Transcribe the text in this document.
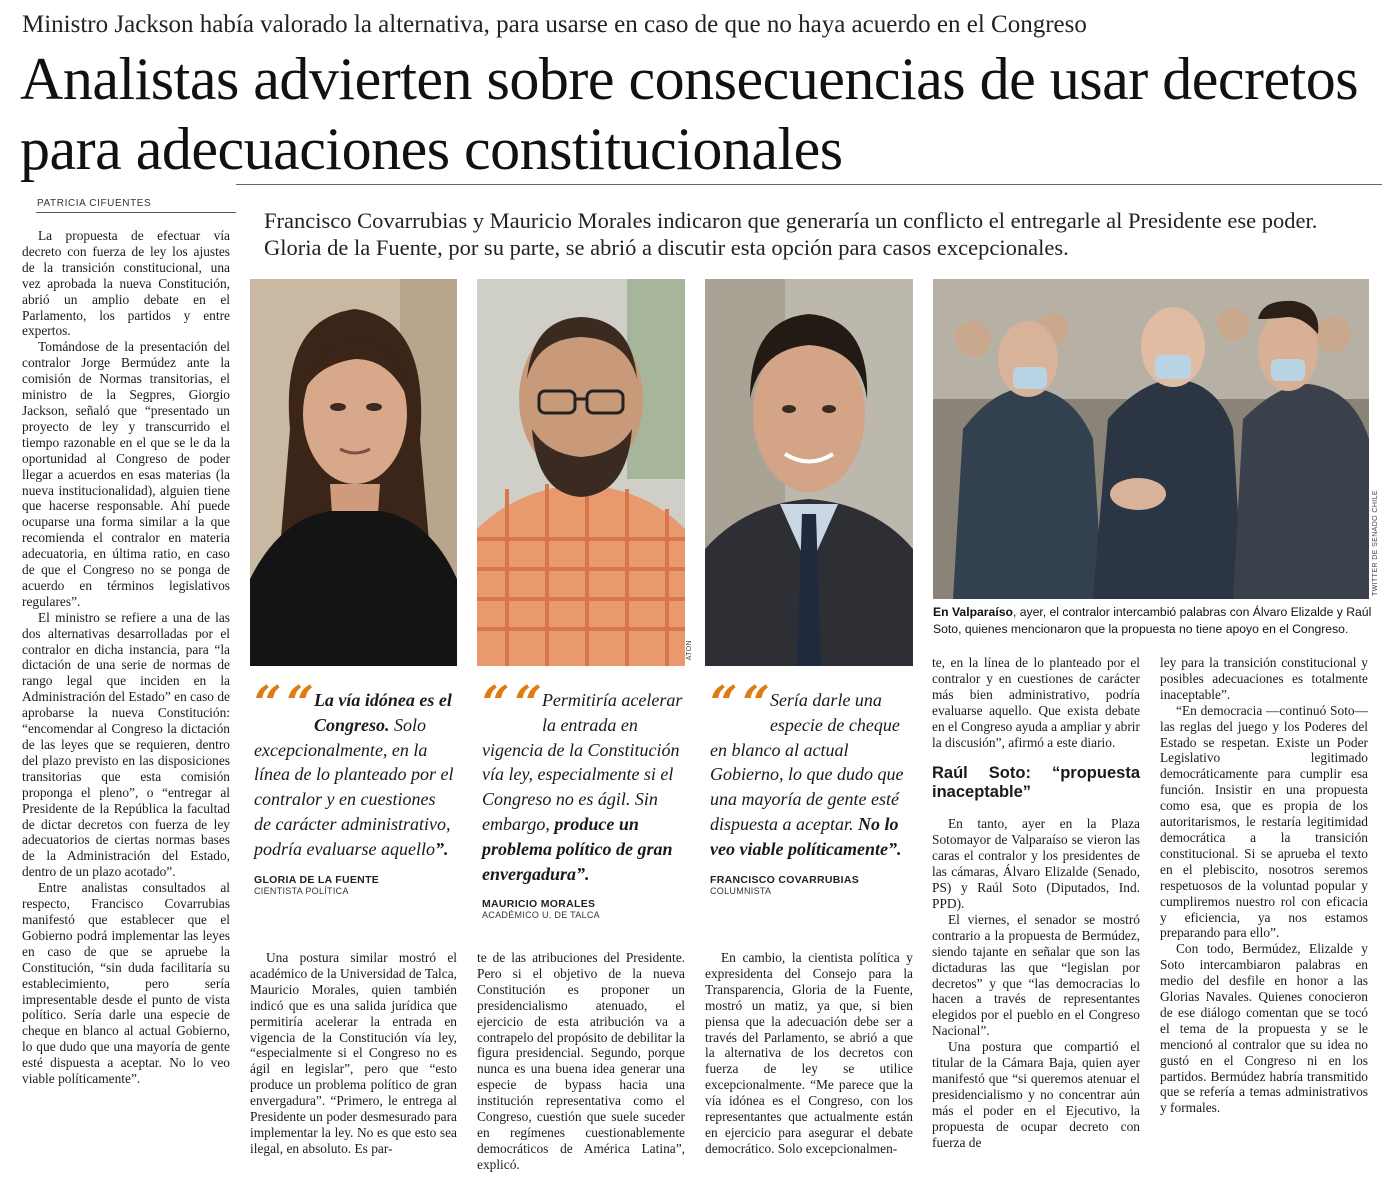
Ministro Jackson había valorado la alternativa, para usarse en caso de que no haya acuerdo en el Congreso
Analistas advierten sobre consecuencias de usar decretos para adecuaciones constitucionales
PATRICIA CIFUENTES
Francisco Covarrubias y Mauricio Morales indicaron que generaría un conflicto el entregarle al Presidente ese poder. Gloria de la Fuente, por su parte, se abrió a discutir esta opción para casos excepcionales.

La propuesta de efectuar vía decreto con fuerza de ley los ajustes de la transición constitucional, una vez aprobada la nueva Constitución, abrió un amplio debate en el Parlamento, los partidos y entre expertos.

Tomándose de la presentación del contralor Jorge Bermúdez ante la comisión de Normas transitorias, el ministro de la Segpres, Giorgio Jackson, señaló que “presentado un proyecto de ley y transcurrido el tiempo razonable en el que se le da la oportunidad al Congreso de poder llegar a acuerdos en esas materias (la nueva institucionalidad), alguien tiene que hacerse responsable. Ahí puede ocuparse una forma similar a la que recomienda el contralor en materia adecuatoria, en última ratio, en caso de que el Congreso no se ponga de acuerdo en términos legislativos regulares”.

El ministro se refiere a una de las dos alternativas desarrolladas por el contralor en dicha instancia, para “la dictación de una serie de normas de rango legal que inciden en la Administración del Estado” en caso de aprobarse la nueva Constitución: “encomendar al Congreso la dictación de las leyes que se requieren, dentro del plazo previsto en las disposiciones transitorias que esta comisión proponga el pleno”, o “entregar al Presidente de la República la facultad de dictar decretos con fuerza de ley adecuatorios de ciertas normas bases de la Administración del Estado, dentro de un plazo acotado”.

Entre analistas consultados al respecto, Francisco Covarrubias manifestó que establecer que el Gobierno podrá implementar las leyes en caso de que se apruebe la Constitución, “sin duda facilitaría su establecimiento, pero sería impresentable desde el punto de vista político. Sería darle una especie de cheque en blanco al actual Gobierno, lo que dudo que una mayoría de gente esté dispuesta a aceptar. No lo veo viable políticamente”.

ATON
TWITTER DE SENADO CHILE
En Valparaíso, ayer, el contralor intercambió palabras con Álvaro Elizalde y Raúl Soto, quienes mencionaron que la propuesta no tiene apoyo en el Congreso.
“ “ La vía idónea es el Congreso. Solo excepcionalmente, en la línea de lo planteado por el contralor y en cuestiones de carácter administrativo, podría evaluarse aquello”.
GLORIA DE LA FUENTE
CIENTISTA POLÍTICA
“ “ Permitiría acelerar la entrada en vigencia de la Constitución vía ley, especialmente si el Congreso no es ágil. Sin embargo, produce un problema político de gran envergadura”.
MAURICIO MORALES
ACADÉMICO U. DE TALCA
“ “ Sería darle una especie de cheque en blanco al actual Gobierno, lo que dudo que una mayoría de gente esté dispuesta a aceptar. No lo veo viable políticamente”.
FRANCISCO COVARRUBIAS
COLUMNISTA

Una postura similar mostró el académico de la Universidad de Talca, Mauricio Morales, quien también indicó que es una salida jurídica que permitiría acelerar la entrada en vigencia de la Constitución vía ley, “especialmente si el Congreso no es ágil en legislar”, pero que “esto produce un problema político de gran envergadura”. “Primero, le entrega al Presidente un poder desmesurado para implementar la ley. No es que esto sea ilegal, en absoluto. Es par-

te de las atribuciones del Presidente. Pero si el objetivo de la nueva Constitución es proponer un presidencialismo atenuado, el ejercicio de esta atribución va a contrapelo del propósito de debilitar la figura presidencial. Segundo, porque nunca es una buena idea generar una especie de bypass hacia una institución representativa como el Congreso, cuestión que suele suceder en regímenes cuestionablemente democráticos de América Latina”, explicó.

En cambio, la cientista política y expresidenta del Consejo para la Transparencia, Gloria de la Fuente, mostró un matiz, ya que, si bien piensa que la adecuación debe ser a través del Parlamento, se abrió a que la alternativa de los decretos con fuerza de ley se utilice excepcionalmente. “Me parece que la vía idónea es el Congreso, con los representantes que actualmente están en ejercicio para asegurar el debate democrático. Solo excepcionalmen-

te, en la línea de lo planteado por el contralor y en cuestiones de carácter más bien administrativo, podría evaluarse aquello. Que exista debate en el Congreso ayuda a ampliar y abrir la discusión”, afirmó a este diario.

Raúl Soto: “propuesta inaceptable”

En tanto, ayer en la Plaza Sotomayor de Valparaíso se vieron las caras el contralor y los presidentes de las cámaras, Álvaro Elizalde (Senado, PS) y Raúl Soto (Diputados, Ind. PPD).

El viernes, el senador se mostró contrario a la propuesta de Bermúdez, siendo tajante en señalar que son las dictaduras las que “legislan por decretos” y que “las democracias lo hacen a través de representantes elegidos por el pueblo en el Congreso Nacional”.

Una postura que compartió el titular de la Cámara Baja, quien ayer manifestó que “si queremos atenuar el presidencialismo y no concentrar aún más el poder en el Ejecutivo, la propuesta de ocupar decreto con fuerza de

ley para la transición constitucional y posibles adecuaciones es totalmente inaceptable”.

“En democracia —continuó Soto— las reglas del juego y los Poderes del Estado se respetan. Existe un Poder Legislativo legitimado democráticamente para cumplir esa función. Insistir en una propuesta como esa, que es propia de los autoritarismos, le restaría legitimidad democrática a la transición constitucional. Si se aprueba el texto en el plebiscito, nosotros seremos respetuosos de la voluntad popular y cumpliremos nuestro rol con eficacia y eficiencia, ya nos estamos preparando para ello”.

Con todo, Bermúdez, Elizalde y Soto intercambiaron palabras en medio del desfile en honor a las Glorias Navales. Quienes conocieron de ese diálogo comentan que se tocó el tema de la propuesta y se le mencionó al contralor que su idea no gustó en el Congreso ni en los partidos. Bermúdez habría transmitido que se refería a temas administrativos y formales.
